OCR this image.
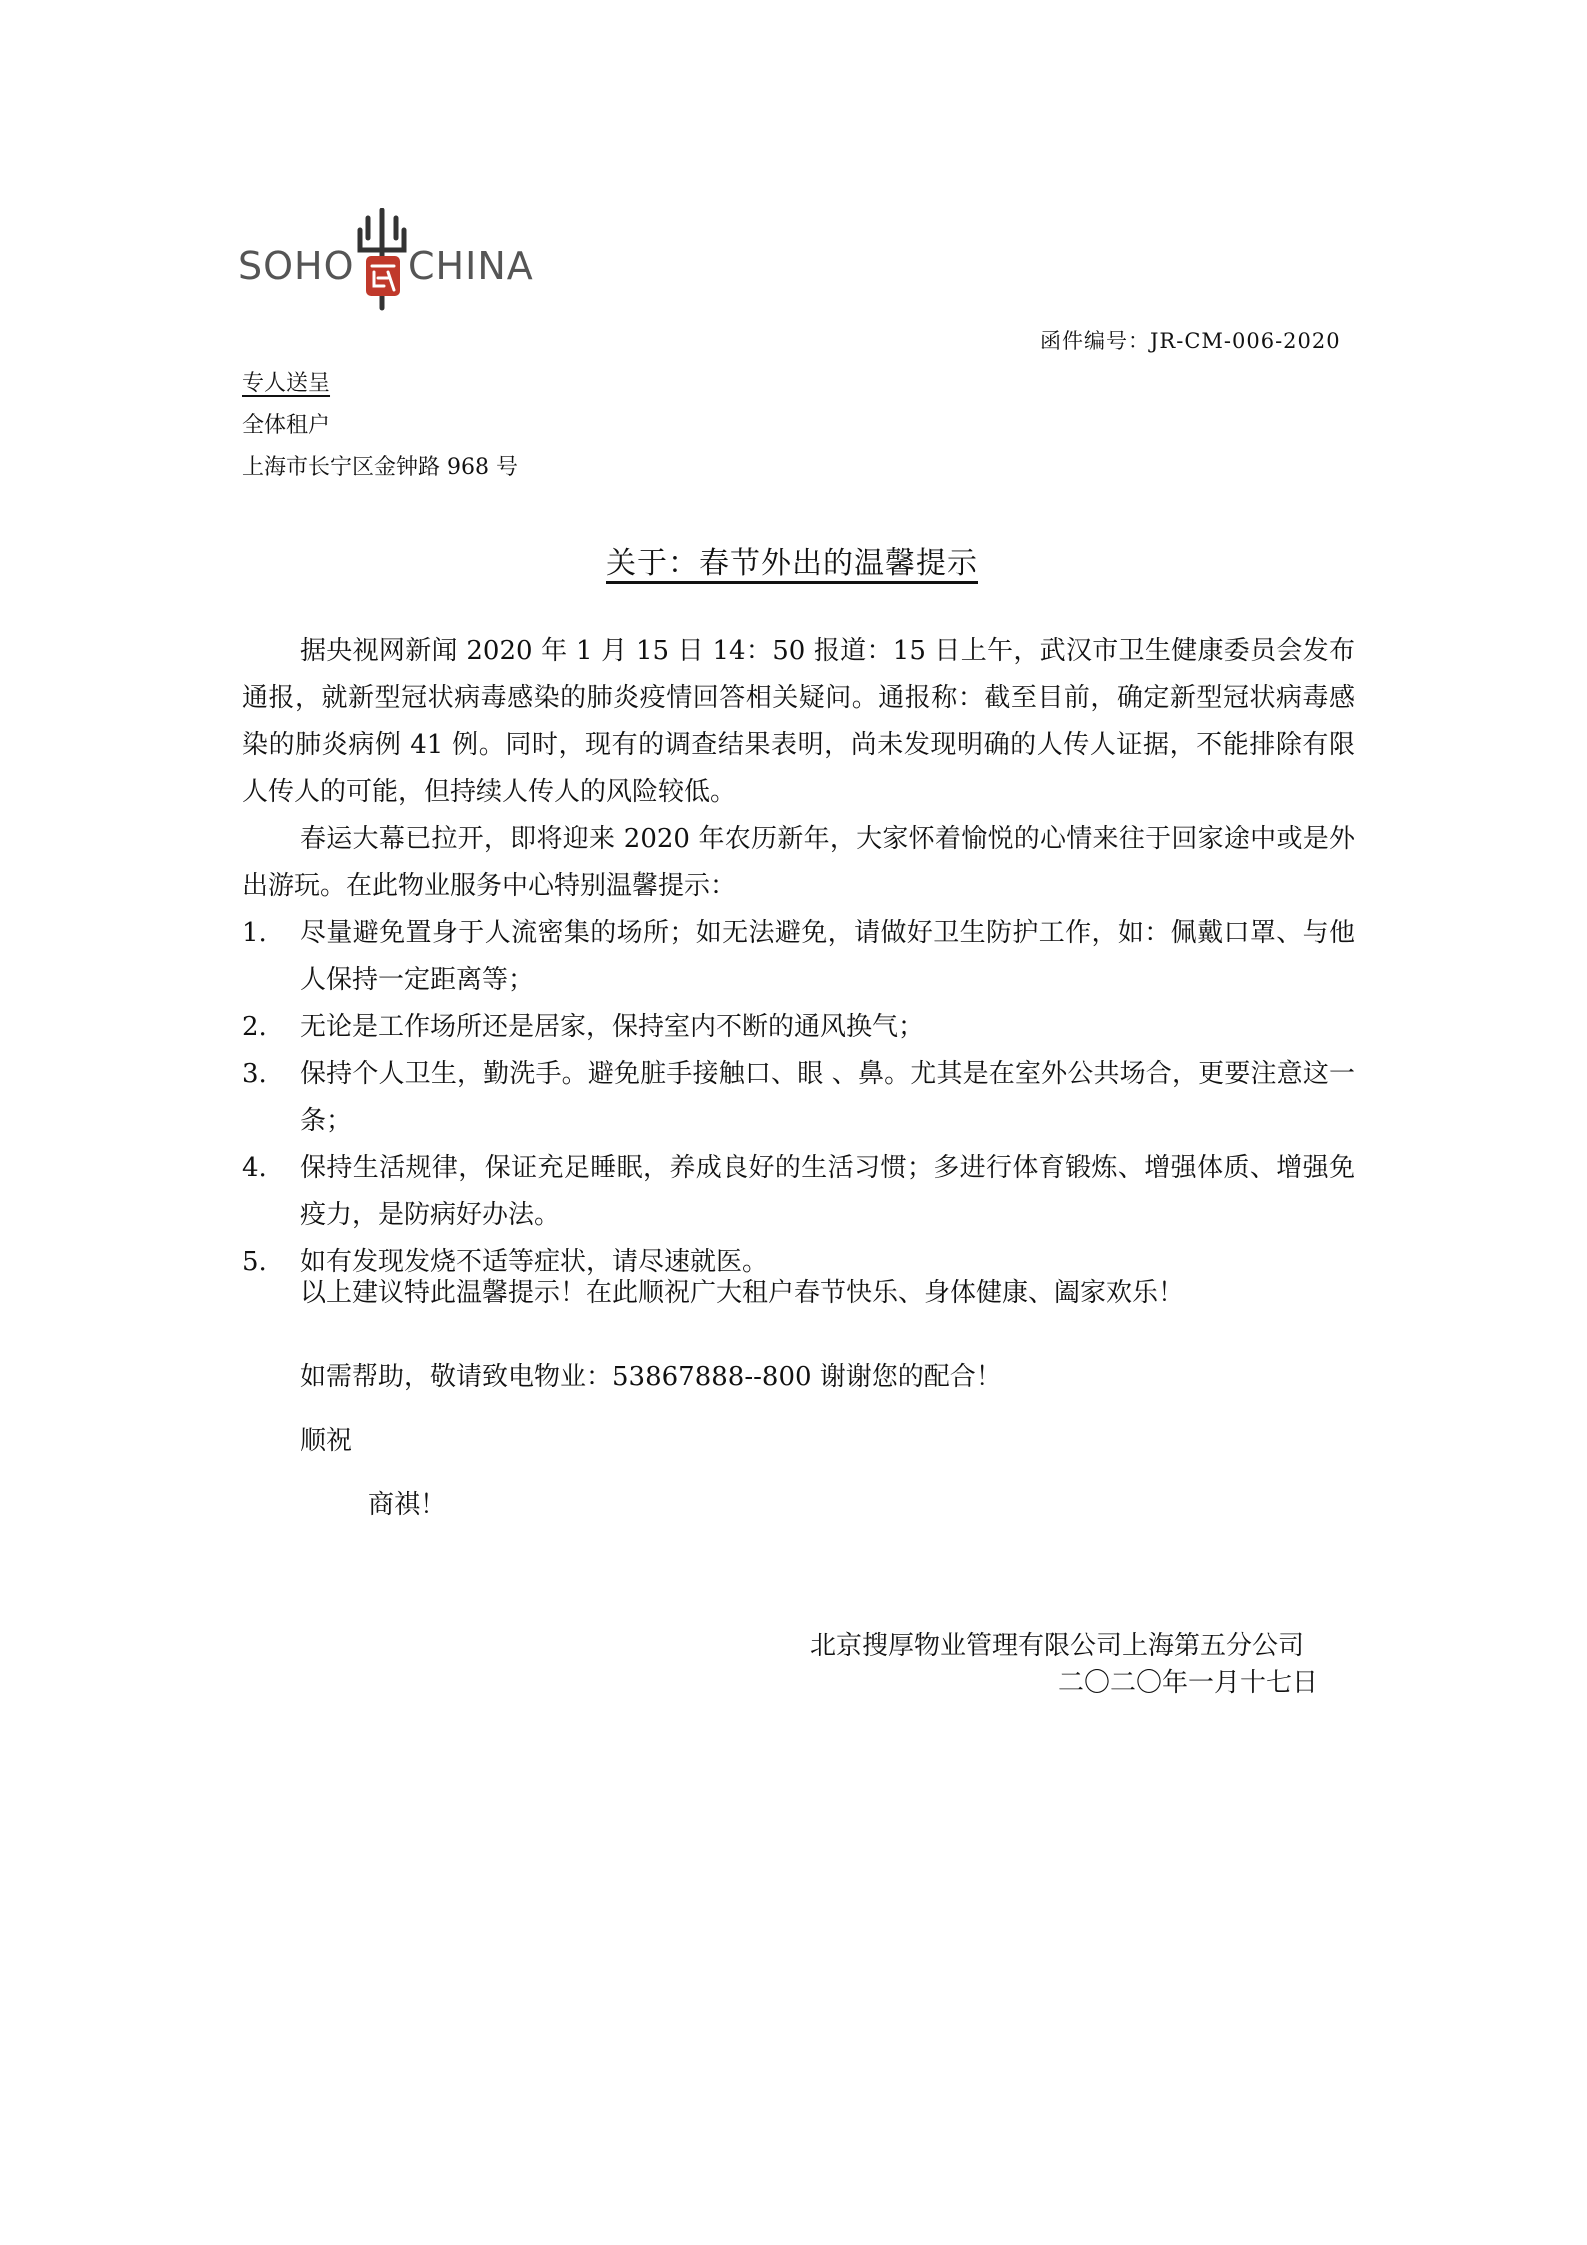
SOHO CHINA
函件编号：JR-CM-006-2020
专人送呈
全体租户
上海市长宁区金钟路 968 号
关于：春节外出的温馨提示
据央视网新闻 2020 年 1 月 15 日 14：50 报道：15 日上午，武汉市卫生健康委员会发布通报，就新型冠状病毒感染的肺炎疫情回答相关疑问。通报称：截至目前，确定新型冠状病毒感染的肺炎病例 41 例。同时，现有的调查结果表明，尚未发现明确的人传人证据，不能排除有限人传人的可能，但持续人传人的风险较低。
春运大幕已拉开，即将迎来 2020 年农历新年，大家怀着愉悦的心情来往于回家途中或是外出游玩。在此物业服务中心特别温馨提示：
1. 尽量避免置身于人流密集的场所；如无法避免，请做好卫生防护工作，如：佩戴口罩、与他人保持一定距离等；
2. 无论是工作场所还是居家，保持室内不断的通风换气；
3. 保持个人卫生，勤洗手。避免脏手接触口、眼 、鼻。尤其是在室外公共场合，更要注意这一条；
4. 保持生活规律，保证充足睡眠，养成良好的生活习惯；多进行体育锻炼、增强体质、增强免疫力，是防病好办法。
5. 如有发现发烧不适等症状，请尽速就医。
以上建议特此温馨提示！在此顺祝广大租户春节快乐、身体健康、阖家欢乐！
如需帮助，敬请致电物业：53867888--800 谢谢您的配合！
顺祝
商祺！
北京搜厚物业管理有限公司上海第五分公司
二〇二〇年一月十七日
